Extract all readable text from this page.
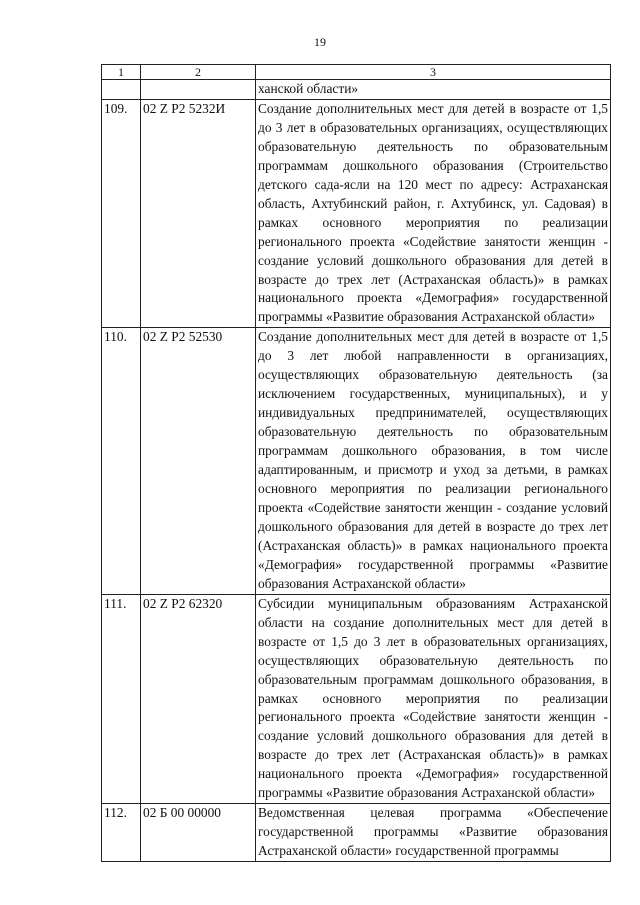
19
1	2	3
		ханской области»
109.	02 Z P2 5232И	Создание дополнительных мест для детей в возрасте от 1,5 до 3 лет в образовательных организациях, осуществляющих образовательную деятельность по образовательным программам дошкольного образования (Строительство детского сада-ясли на 120 мест по адресу: Астраханская область, Ахтубинский район, г. Ахтубинск, ул. Садовая) в рамках основного мероприятия по реализации регионального проекта «Содействие занятости женщин - создание условий дошкольного образования для детей в возрасте до трех лет (Астраханская область)» в рамках национального проекта «Демография» государственной программы «Развитие образования Астраханской области»
110.	02 Z P2 52530	Создание дополнительных мест для детей в возрасте от 1,5 до 3 лет любой направленности в организациях, осуществляющих образовательную деятельность (за исключением государственных, муниципальных), и у индивидуальных предпринимателей, осуществляющих образовательную деятельность по образовательным программам дошкольного образования, в том числе адаптированным, и присмотр и уход за детьми, в рамках основного мероприятия по реализации регионального проекта «Содействие занятости женщин - создание условий дошкольного образования для детей в возрасте до трех лет (Астраханская область)» в рамках национального проекта «Демография» государственной программы «Развитие образования Астраханской области»
111.	02 Z P2 62320	Субсидии муниципальным образованиям Астраханской области на создание дополнительных мест для детей в возрасте от 1,5 до 3 лет в образовательных организациях, осуществляющих образовательную деятельность по образовательным программам дошкольного образования, в рамках основного мероприятия по реализации регионального проекта «Содействие занятости женщин - создание условий дошкольного образования для детей в возрасте до трех лет (Астраханская область)» в рамках национального проекта «Демография» государственной программы «Развитие образования Астраханской области»
112.	02 Б 00 00000	Ведомственная целевая программа «Обеспечение государственной программы «Развитие образования Астраханской области» государственной программы
